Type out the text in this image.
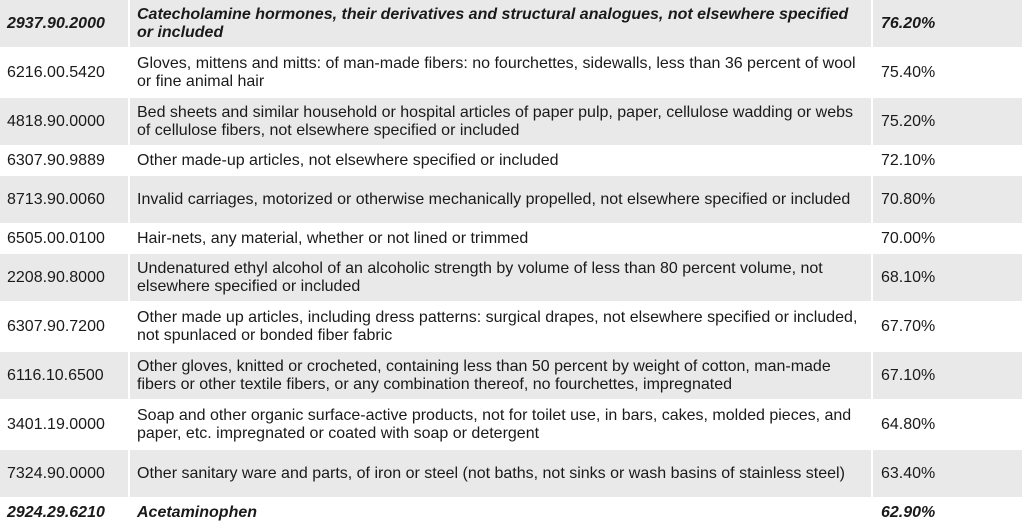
2937.90.2000	Catecholamine hormones, their derivatives and structural analogues, not elsewhere specified or included	76.20%

6216.00.5420	Gloves, mittens and mitts: of man-made fibers: no fourchettes, sidewalls, less than 36 percent of wool or fine animal hair	75.40%

4818.90.0000	Bed sheets and similar household or hospital articles of paper pulp, paper, cellulose wadding or webs of cellulose fibers, not elsewhere specified or included	75.20%

6307.90.9889	Other made-up articles, not elsewhere specified or included	72.10%

8713.90.0060	Invalid carriages, motorized or otherwise mechanically propelled, not elsewhere specified or included	70.80%

6505.00.0100	Hair-nets, any material, whether or not lined or trimmed	70.00%

2208.90.8000	Undenatured ethyl alcohol of an alcoholic strength by volume of less than 80 percent volume, not elsewhere specified or included	68.10%

6307.90.7200	Other made up articles, including dress patterns: surgical drapes, not elsewhere specified or included, not spunlaced or bonded fiber fabric	67.70%

6116.10.6500	Other gloves, knitted or crocheted, containing less than 50 percent by weight of cotton, man-made fibers or other textile fibers, or any combination thereof, no fourchettes, impregnated	67.10%

3401.19.0000	Soap and other organic surface-active products, not for toilet use, in bars, cakes, molded pieces, and paper, etc. impregnated or coated with soap or detergent	64.80%

7324.90.0000	Other sanitary ware and parts, of iron or steel (not baths, not sinks or wash basins of stainless steel)	63.40%

2924.29.6210	Acetaminophen	62.90%
